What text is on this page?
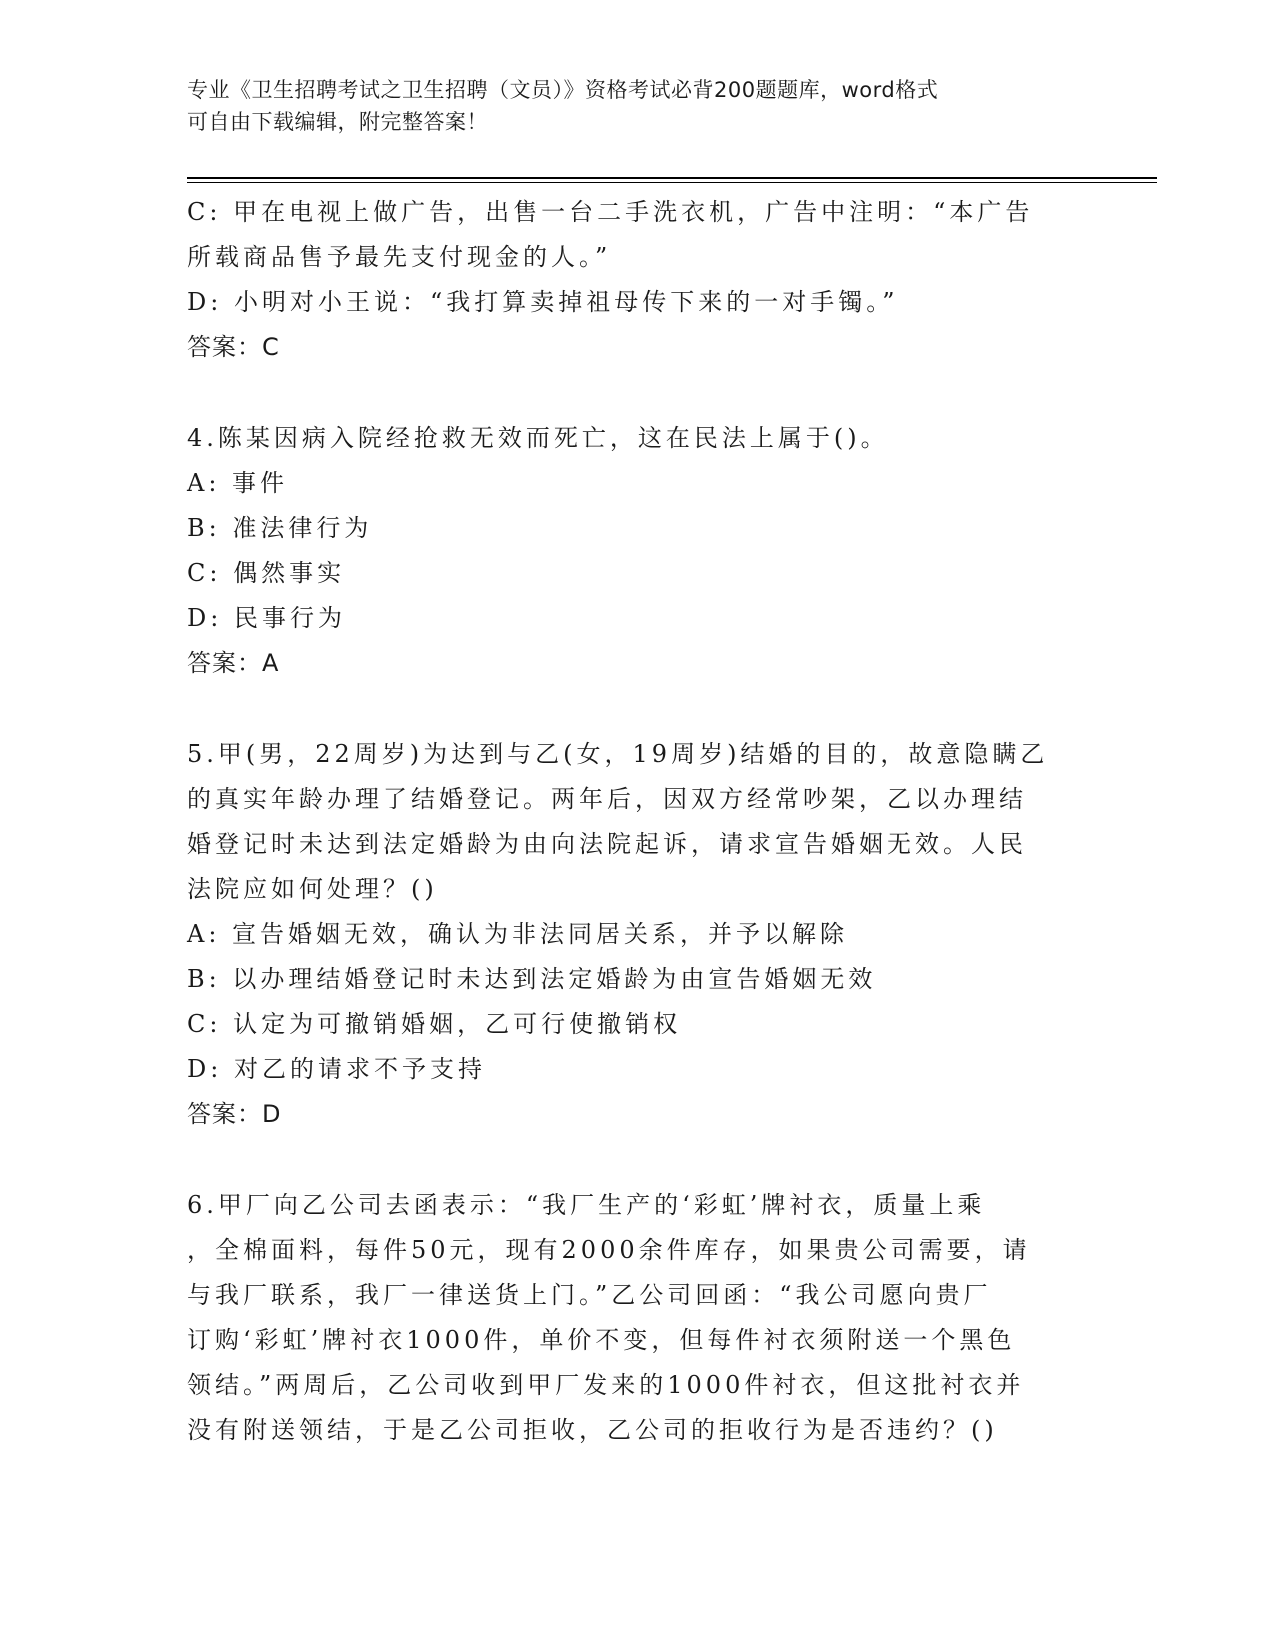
专业《卫生招聘考试之卫生招聘（文员）》资格考试必背200题题库，word格式
可自由下载编辑，附完整答案！
C: 甲在电视上做广告，出售一台二手洗衣机，广告中注明：“本广告
所载商品售予最先支付现金的人。”
D: 小明对小王说：“我打算卖掉祖母传下来的一对手镯。”
答案：C
4.陈某因病入院经抢救无效而死亡，这在民法上属于()。
A: 事件
B: 准法律行为
C: 偶然事实
D: 民事行为
答案：A
5.甲(男，22周岁)为达到与乙(女，19周岁)结婚的目的，故意隐瞒乙
的真实年龄办理了结婚登记。两年后，因双方经常吵架，乙以办理结
婚登记时未达到法定婚龄为由向法院起诉，请求宣告婚姻无效。人民
法院应如何处理？()
A: 宣告婚姻无效，确认为非法同居关系，并予以解除
B: 以办理结婚登记时未达到法定婚龄为由宣告婚姻无效
C: 认定为可撤销婚姻，乙可行使撤销权
D: 对乙的请求不予支持
答案：D
6.甲厂向乙公司去函表示：“我厂生产的‘彩虹’牌衬衣，质量上乘
，全棉面料，每件50元，现有2000余件库存，如果贵公司需要，请
与我厂联系，我厂一律送货上门。”乙公司回函：“我公司愿向贵厂
订购‘彩虹’牌衬衣1000件，单价不变，但每件衬衣须附送一个黑色
领结。”两周后，乙公司收到甲厂发来的1000件衬衣，但这批衬衣并
没有附送领结，于是乙公司拒收，乙公司的拒收行为是否违约？()
